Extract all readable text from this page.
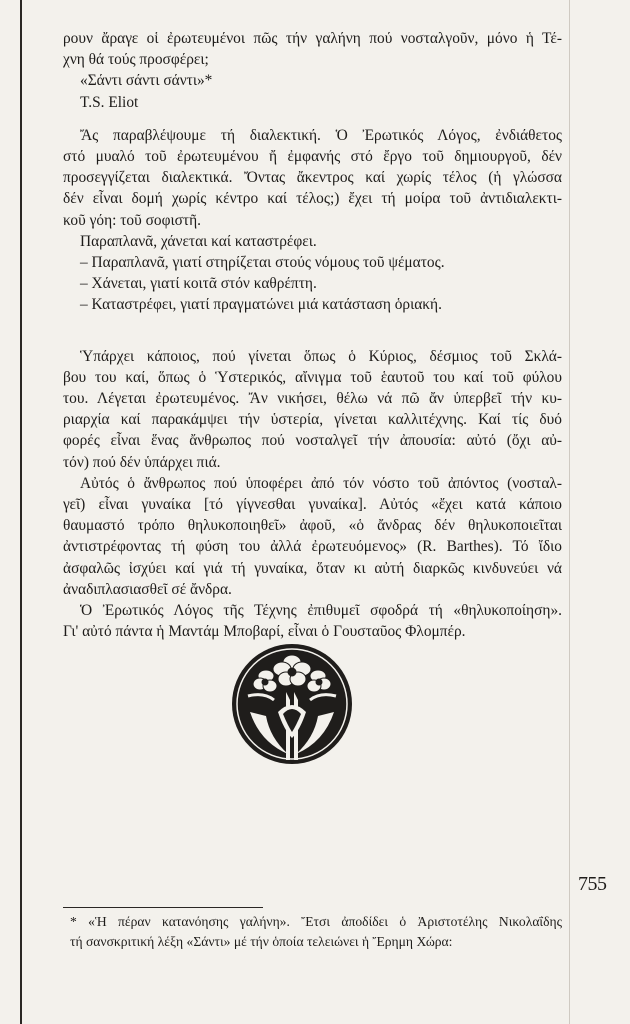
ρουν ἄραγε οἱ ἐρωτευμένοι πῶς τήν γαλήνη πού νοσταλγοῦν, μόνο ἡ Τέ-
χνη θά τούς προσφέρει;
«Σάντι σάντι σάντι»*
T.S. Eliot
Ἄς παραβλέψουμε τή διαλεκτική. Ὁ Ἐρωτικός Λόγος, ἐνδιάθετος
στό μυαλό τοῦ ἐρωτευμένου ἤ ἐμφανής στό ἔργο τοῦ δημιουργοῦ, δέν
προσεγγίζεται διαλεκτικά. Ὄντας ἄκεντρος καί χωρίς τέλος (ἡ γλώσσα
δέν εἶναι δομή χωρίς κέντρο καί τέλος;) ἔχει τή μοίρα τοῦ ἀντιδιαλεκτι-
κοῦ γόη: τοῦ σοφιστῆ.
Παραπλανᾶ, χάνεται καί καταστρέφει.
– Παραπλανᾶ, γιατί στηρίζεται στούς νόμους τοῦ ψέματος.
– Χάνεται, γιατί κοιτᾶ στόν καθρέπτη.
– Καταστρέφει, γιατί πραγματώνει μιά κατάσταση ὁριακή.
Ὑπάρχει κάποιος, πού γίνεται ὅπως ὁ Κύριος, δέσμιος τοῦ Σκλά-
βου του καί, ὅπως ὁ Ὑστερικός, αἴνιγμα τοῦ ἑαυτοῦ του καί τοῦ φύλου
του. Λέγεται ἐρωτευμένος. Ἄν νικήσει, θέλω νά πῶ ἄν ὑπερβεῖ τήν κυ-
ριαρχία καί παρακάμψει τήν ὑστερία, γίνεται καλλιτέχνης. Καί τίς δυό
φορές εἶναι ἕνας ἄνθρωπος πού νοσταλγεῖ τήν ἀπουσία: αὐτό (ὄχι αὐ-
τόν) πού δέν ὑπάρχει πιά.
Αὐτός ὁ ἄνθρωπος πού ὑποφέρει ἀπό τόν νόστο τοῦ ἀπόντος (νοσταλ-
γεῖ) εἶναι γυναίκα [τό γίγνεσθαι γυναίκα]. Αὐτός «ἔχει κατά κάποιο
θαυμαστό τρόπο θηλυκοποιηθεῖ» ἀφοῦ, «ὁ ἄνδρας δέν θηλυκοποιεῖται
ἀντιστρέφοντας τή φύση του ἀλλά ἐρωτευόμενος» (R. Barthes). Τό ἴδιο
ἀσφαλῶς ἰσχύει καί γιά τή γυναίκα, ὅταν κι αὐτή διαρκῶς κινδυνεύει νά
ἀναδιπλασιασθεῖ σέ ἄνδρα.
Ὁ Ἐρωτικός Λόγος τῆς Τέχνης ἐπιθυμεῖ σφοδρά τή «θηλυκοποίηση».
Γι' αὐτό πάντα ἡ Μαντάμ Μποβαρί, εἶναι ὁ Γουσταῦος Φλομπέρ.
755
* «Ἡ πέραν κατανόησης γαλήνη». Ἔτσι ἀποδίδει ὁ Ἀριστοτέλης Νικολαΐδης
τή σανσκριτική λέξη «Σάντι» μέ τήν ὁποία τελειώνει ἡ Ἔρημη Χώρα:
